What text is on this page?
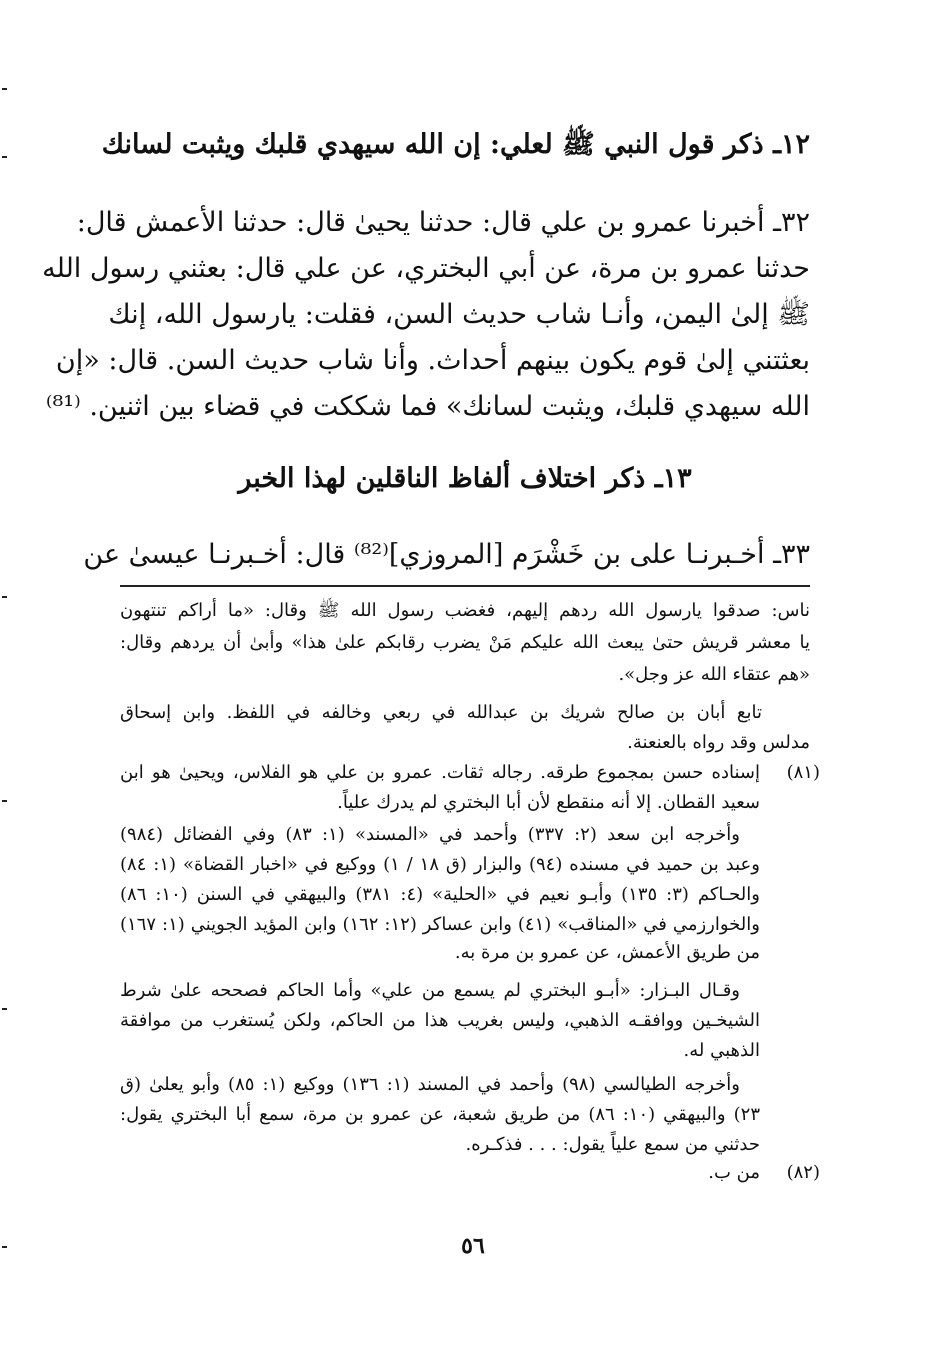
١٢ـ ذكر قول النبي ﷺ لعلي: إن الله سيهدي قلبك ويثبت لسانك
٣٢ـ أخبرنا عمرو بن علي قال: حدثنا يحيىٰ قال: حدثنا الأعمش قال:
حدثنا عمرو بن مرة، عن أبي البختري، عن علي قال: بعثني رسول الله
ﷺ إلىٰ اليمن، وأنـا شاب حديث السن، فقلت: يارسول الله، إنك
بعثتني إلىٰ قوم يكون بينهم أحداث. وأنا شاب حديث السن. قال: «إن
الله سيهدي قلبك، ويثبت لسانك» فما شككت في قضاء بين اثنين. ⁽⁸¹⁾
١٣ـ ذكر اختلاف ألفاظ الناقلين لهذا الخبر
٣٣ـ أخـبرنـا على بن خَشْرَم [المروزي]⁽⁸²⁾ قال: أخـبرنـا عيسىٰ عن
ناس: صدقوا يارسول الله ردهم إليهم، فغضب رسول الله ﷺ وقال: «ما أراكم تنتهون
يا معشر قريش حتىٰ يبعث الله عليكم مَنْ يضرب رقابكم علىٰ هذا» وأبىٰ أن يردهم وقال:
«هم عتقاء الله عز وجل».
تابع أبان بن صالح شريك بن عبدالله في ربعي وخالفه في اللفظ. وابن إسحاق
مدلس وقد رواه بالعنعنة.
(٨١)
إسناده حسن بمجموع طرقه. رجاله ثقات. عمرو بن علي هو الفلاس، ويحيىٰ هو ابن
سعيد القطان. إلا أنه منقطع لأن أبا البختري لم يدرك علياً.
وأخرجه ابن سعد (٢: ٣٣٧) وأحمد في «المسند» (١: ٨٣) وفي الفضائل (٩٨٤)
وعبد بن حميد في مسنده (٩٤) والبزار (ق ١٨ / ١) ووكيع في «اخبار القضاة» (١: ٨٤)
والحـاكم (٣: ١٣٥) وأبـو نعيم في «الحلية» (٤: ٣٨١) والبيهقي في السنن (١٠: ٨٦)
والخوارزمي في «المناقب» (٤١) وابن عساكر (١٢: ١٦٢) وابن المؤيد الجويني (١: ١٦٧)
من طريق الأعمش، عن عمرو بن مرة به.
وقـال البـزار: «أبـو البختري لم يسمع من علي» وأما الحاكم فصححه علىٰ شرط
الشيخـين ووافقـه الذهبي، وليس بغريب هذا من الحاكم، ولكن يُستغرب من موافقة
الذهبي له.
وأخرجه الطيالسي (٩٨) وأحمد في المسند (١: ١٣٦) ووكيع (١: ٨٥) وأبو يعلىٰ (ق
٢٣) والبيهقي (١٠: ٨٦) من طريق شعبة، عن عمرو بن مرة، سمع أبا البختري يقول:
حدثني من سمع علياً يقول: . . . فذكـره.
(٨٢)
من ب.
٥٦
